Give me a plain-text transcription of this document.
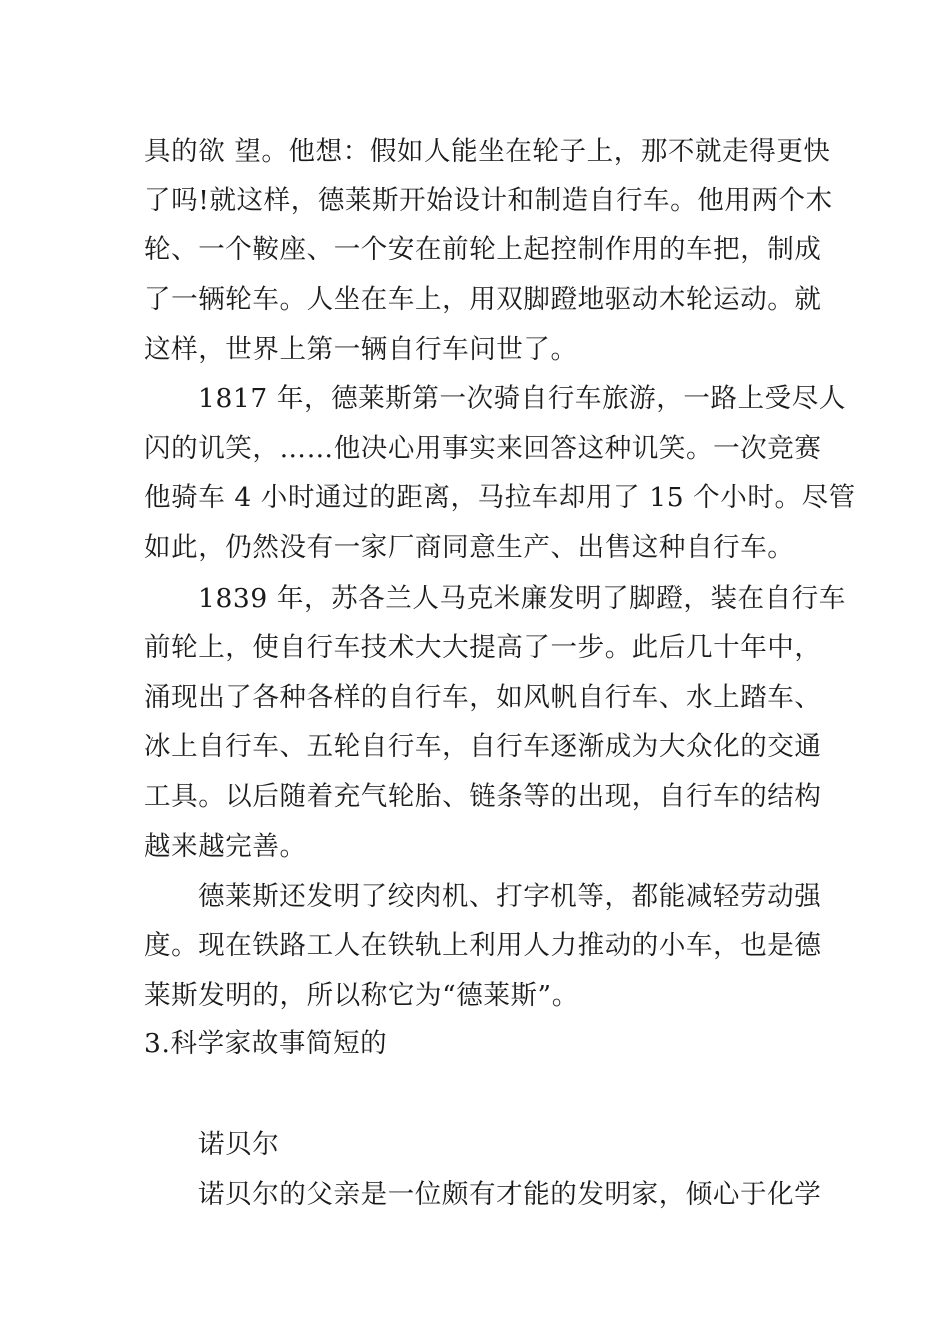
具的欲 望。他想：假如人能坐在轮子上，那不就走得更快
了吗!就这样，德莱斯开始设计和制造自行车。他用两个木
轮、一个鞍座、一个安在前轮上起控制作用的车把，制成
了一辆轮车。人坐在车上，用双脚蹬地驱动木轮运动。就
这样，世界上第一辆自行车问世了。
1817 年，德莱斯第一次骑自行车旅游，一路上受尽人
闪的讥笑，……他决心用事实来回答这种讥笑。一次竞赛
他骑车 4 小时通过的距离，马拉车却用了 15 个小时。尽管
如此，仍然没有一家厂商同意生产、出售这种自行车。
1839 年，苏各兰人马克米廉发明了脚蹬，装在自行车
前轮上，使自行车技术大大提高了一步。此后几十年中，
涌现出了各种各样的自行车，如风帆自行车、水上踏车、
冰上自行车、五轮自行车，自行车逐渐成为大众化的交通
工具。以后随着充气轮胎、链条等的出现，自行车的结构
越来越完善。
德莱斯还发明了绞肉机、打字机等，都能减轻劳动强
度。现在铁路工人在铁轨上利用人力推动的小车，也是德
莱斯发明的，所以称它为“德莱斯”。
3.科学家故事简短的
诺贝尔
诺贝尔的父亲是一位颇有才能的发明家，倾心于化学
